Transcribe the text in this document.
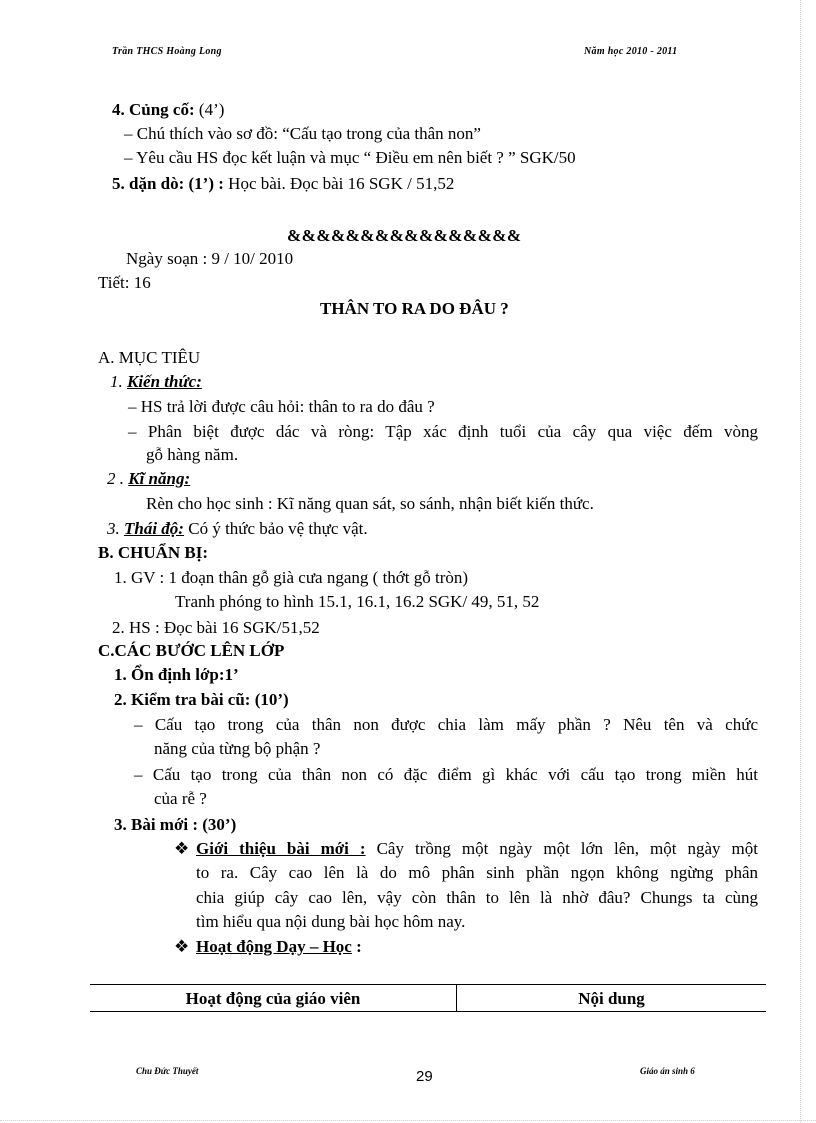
Trần THCS Hoàng Long	Năm học 2010 - 2011
4. Củng cố: (4’)
– Chú thích vào sơ đồ: “Cấu tạo trong của thân non”
– Yêu cầu HS đọc kết luận và mục “ Điều em nên biết ? ” SGK/50
5. dặn dò: (1’) : Học bài. Đọc bài 16 SGK / 51,52
&&&&&&&&&&&&&&&&
Ngày soạn : 9 / 10/ 2010
Tiết: 16
THÂN TO RA DO ĐÂU ?
A. MỤC TIÊU
1. Kiến thức:
– HS trả lời được câu hỏi: thân to ra do đâu ?
– Phân biệt được dác và ròng: Tập xác định tuổi của cây qua việc đếm vòng
gỗ hàng năm.
2 . Kĩ năng:
Rèn cho học sinh : Kĩ năng quan sát, so sánh, nhận biết kiến thức.
3. Thái độ: Có ý thức bảo vệ thực vật.
B. CHUẨN BỊ:
1. GV : 1 đoạn thân gỗ già cưa ngang ( thớt gỗ tròn)
Tranh phóng to hình 15.1, 16.1, 16.2 SGK/ 49, 51, 52
2. HS : Đọc bài 16 SGK/51,52
C.CÁC BƯỚC LÊN LỚP
1. Ổn định lớp:1’
2. Kiểm tra bài cũ: (10’)
– Cấu tạo trong của thân non được chia làm mấy phần ? Nêu tên và chức
năng của từng bộ phận ?
– Cấu tạo trong của thân non có đặc điểm gì khác với cấu tạo trong miền hút
của rễ ?
3. Bài mới : (30’)
❖ Giới thiệu bài mới : Cây trồng một ngày một lớn lên, một ngày một
to ra. Cây cao lên là do mô phân sinh phần ngọn không ngừng phân
chia giúp cây cao lên, vậy còn thân to lên là nhờ đâu? Chungs ta cùng
tìm hiểu qua nội dung bài học hôm nay.
❖ Hoạt động Dạy – Học :
Hoạt động của giáo viên	Nội dung
Chu Đức Thuyết	29	Giáo án sinh 6
